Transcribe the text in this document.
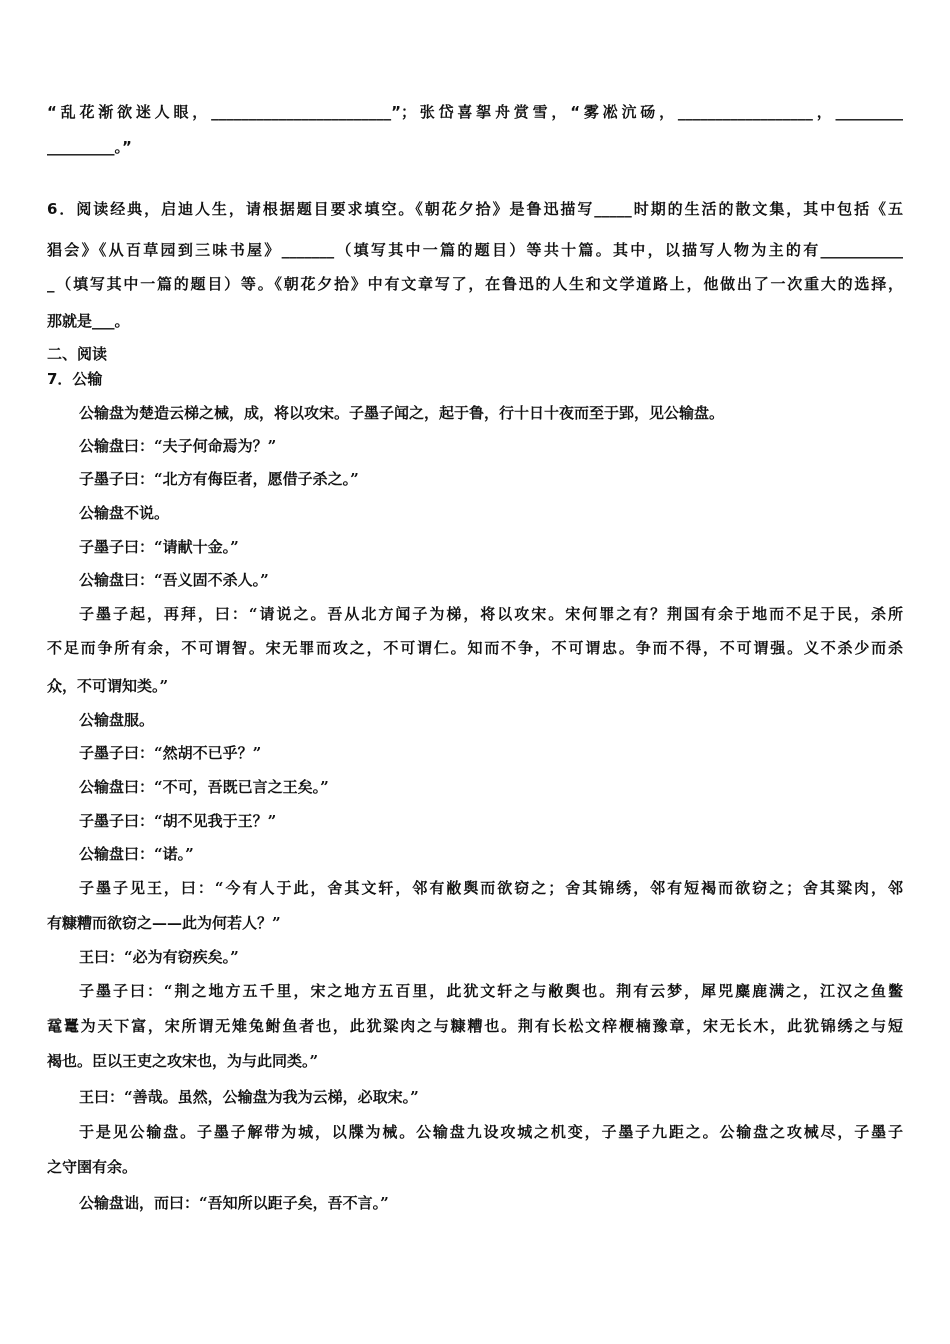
“乱花渐欲迷人眼，________________________”；张岱喜挐舟赏雪，“雾凇沆砀，__________________，_________
_________。”
6．阅读经典，启迪人生，请根据题目要求填空。《朝花夕拾》是鲁迅描写_____时期的生活的散文集，其中包括《五
猖会》《从百草园到三味书屋》_______（填写其中一篇的题目）等共十篇。其中，以描写人物为主的有___________
_（填写其中一篇的题目）等。《朝花夕拾》中有文章写了，在鲁迅的人生和文学道路上，他做出了一次重大的选择，
那就是___。
二、阅读
7．公输
公输盘为楚造云梯之械，成，将以攻宋。子墨子闻之，起于鲁，行十日十夜而至于郢，见公输盘。
公输盘曰：“夫子何命焉为？”
子墨子曰：“北方有侮臣者，愿借子杀之。”
公输盘不说。
子墨子曰：“请献十金。”
公输盘曰：“吾义固不杀人。”
子墨子起，再拜，曰：“请说之。吾从北方闻子为梯，将以攻宋。宋何罪之有？荆国有余于地而不足于民，杀所
不足而争所有余，不可谓智。宋无罪而攻之，不可谓仁。知而不争，不可谓忠。争而不得，不可谓强。义不杀少而杀
众，不可谓知类。”
公输盘服。
子墨子曰：“然胡不已乎？”
公输盘曰：“不可，吾既已言之王矣。”
子墨子曰：“胡不见我于王？”
公输盘曰：“诺。”
子墨子见王，曰：“今有人于此，舍其文轩，邻有敝舆而欲窃之；舍其锦绣，邻有短褐而欲窃之；舍其粱肉，邻
有糠糟而欲窃之——此为何若人？”
王曰：“必为有窃疾矣。”
子墨子曰：“荆之地方五千里，宋之地方五百里，此犹文轩之与敝舆也。荆有云梦，犀兕麋鹿满之，江汉之鱼鳖
鼋鼍为天下富，宋所谓无雉兔鲋鱼者也，此犹粱肉之与糠糟也。荆有长松文梓楩楠豫章，宋无长木，此犹锦绣之与短
褐也。臣以王吏之攻宋也，为与此同类。”
王曰：“善哉。虽然，公输盘为我为云梯，必取宋。”
于是见公输盘。子墨子解带为城，以牒为械。公输盘九设攻城之机变，子墨子九距之。公输盘之攻械尽，子墨子
之守圉有余。
公输盘诎，而曰：“吾知所以距子矣，吾不言。”
